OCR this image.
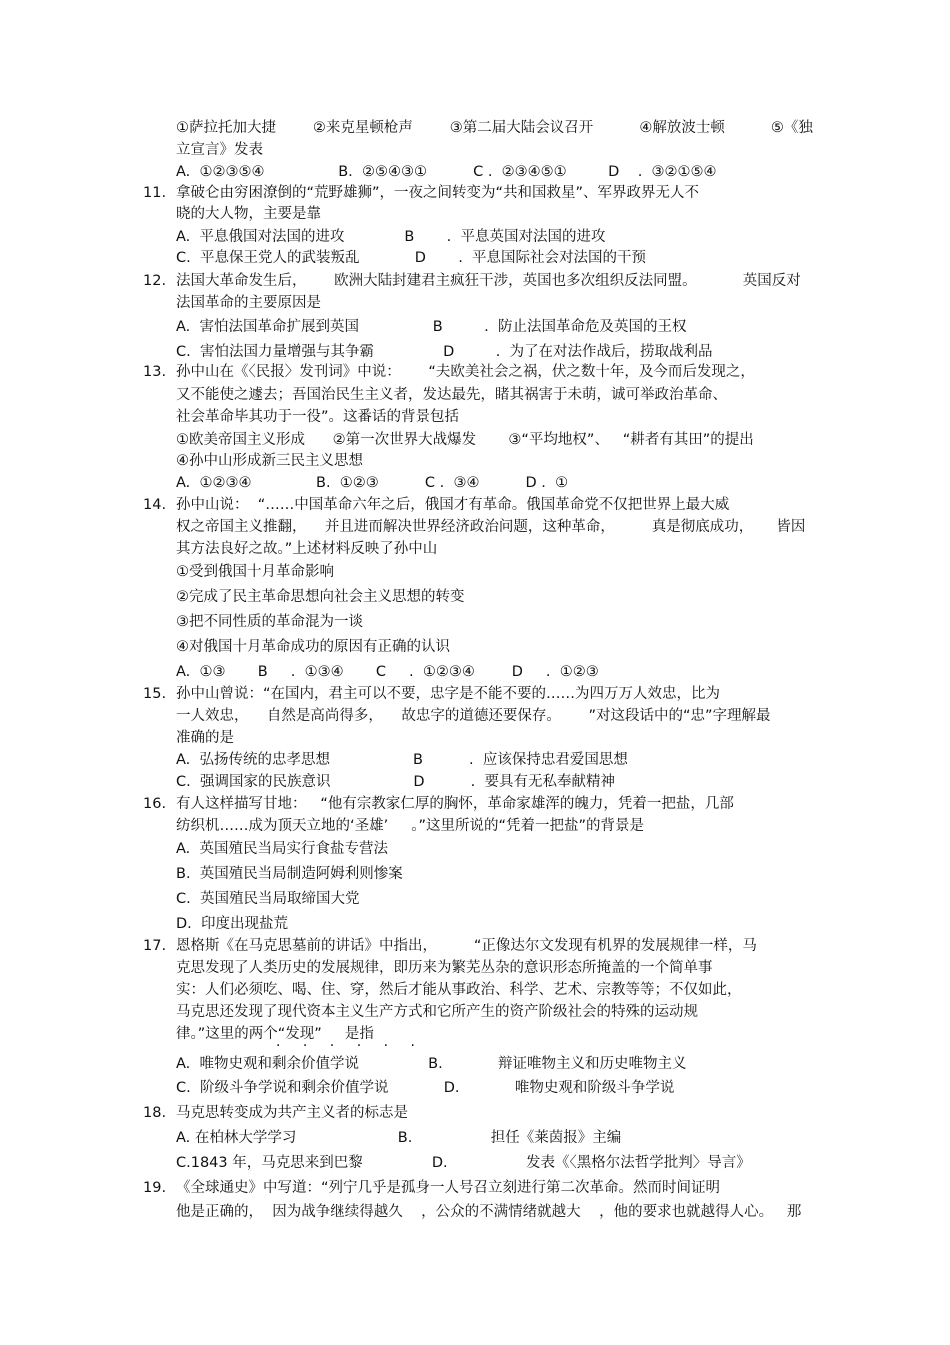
①萨拉托加大捷        ②来克星顿枪声        ③第二届大陆会议召开          ④解放波士顿          ⑤《独
立宣言》发表
A.  ①②③⑤④                B.  ②⑤④③①          C .  ②③④⑤①         D    .  ③②①⑤④
11. 拿破仑由穷困潦倒的“荒野雄狮”，一夜之间转变为“共和国救星”、军界政界无人不
晓的大人物，主要是靠
A.  平息俄国对法国的进攻             B       .  平息英国对法国的进攻
C.  平息保王党人的武装叛乱            D       .  平息国际社会对法国的干预
12. 法国大革命发生后，      欧洲大陆封建君主疯狂干涉，英国也多次组织反法同盟。          英国反对
法国革命的主要原因是
A.  害怕法国革命扩展到英国                B         .  防止法国革命危及英国的王权
C.  害怕法国力量增强与其争霸               D         .  为了在对法作战后，捞取战利品
13. 孙中山在《〈民报〉发刊词》中说：      “夫欧美社会之祸，伏之数十年，及今而后发现之，
又不能使之遽去；吾国治民生主义者，发达最先，睹其祸害于未萌，诚可举政治革命、
社会革命毕其功于一役”。这番话的背景包括
①欧美帝国主义形成      ②第一次世界大战爆发       ③“平均地权”、   “耕者有其田”的提出
④孙中山形成新三民主义思想
A.  ①②③④              B.  ①②③          C .  ③④          D .  ①
14. 孙中山说：  “……中国革命六年之后，俄国才有革命。俄国革命党不仅把世界上最大威
权之帝国主义推翻，    并且进而解决世界经济政治问题，这种革命，        真是彻底成功，     皆因
其方法良好之故。”上述材料反映了孙中山
①受到俄国十月革命影响
②完成了民主革命思想向社会主义思想的转变
③把不同性质的革命混为一谈
④对俄国十月革命成功的原因有正确的认识
A.  ①③       B     .  ①③④       C     .  ①②③④        D     .  ①②③
15. 孙中山曾说：“在国内，君主可以不要，忠字是不能不要的……为四万万人效忠，比为
一人效忠，    自然是高尚得多，    故忠字的道德还要保存。      ”对这段话中的“忠”字理解最
准确的是
A.  弘扬传统的忠孝思想                  B          .  应该保持忠君爱国思想
C.  强调国家的民族意识                  D          .  要具有无私奉献精神
16. 有人这样描写甘地：   “他有宗教家仁厚的胸怀，革命家雄浑的魄力，凭着一把盐，几部
纺织机……成为顶天立地的‘圣雄’     。”这里所说的“凭着一把盐”的背景是
A.  英国殖民当局实行食盐专营法
B.  英国殖民当局制造阿姆利则惨案
C.  英国殖民当局取缔国大党
D.  印度出现盐荒
17. 恩格斯《在马克思墓前的讲话》中指出，        “正像达尔文发现有机界的发展规律一样，马
克思发现了人类历史的发展规律，即历来为繁芜丛杂的意识形态所掩盖的一个简单事
实：人们必须吃、喝、住、穿，然后才能从事政治、科学、艺术、宗教等等；不仅如此，
马克思还发现了现代资本主义生产方式和它所产生的资产阶级社会的特殊的运动规
律。”这里的两个“发现”     是指
· · · · · ·
A.  唯物史观和剩余价值学说               B.            辩证唯物主义和历史唯物主义
C.  阶级斗争学说和剩余价值学说            D.            唯物史观和阶级斗争学说
18. 马克思转变成为共产主义者的标志是
A. 在柏林大学学习                      B.                 担任《莱茵报》主编
C.1843 年，马克思来到巴黎               D.                 发表《〈黑格尔法哲学批判〉导言》
19. 《全球通史》中写道：“列宁几乎是孤身一人号召立刻进行第二次革命。然而时间证明
他是正确的，  因为战争继续得越久    ，公众的不满情绪就越大    ，他的要求也就越得人心。   那
